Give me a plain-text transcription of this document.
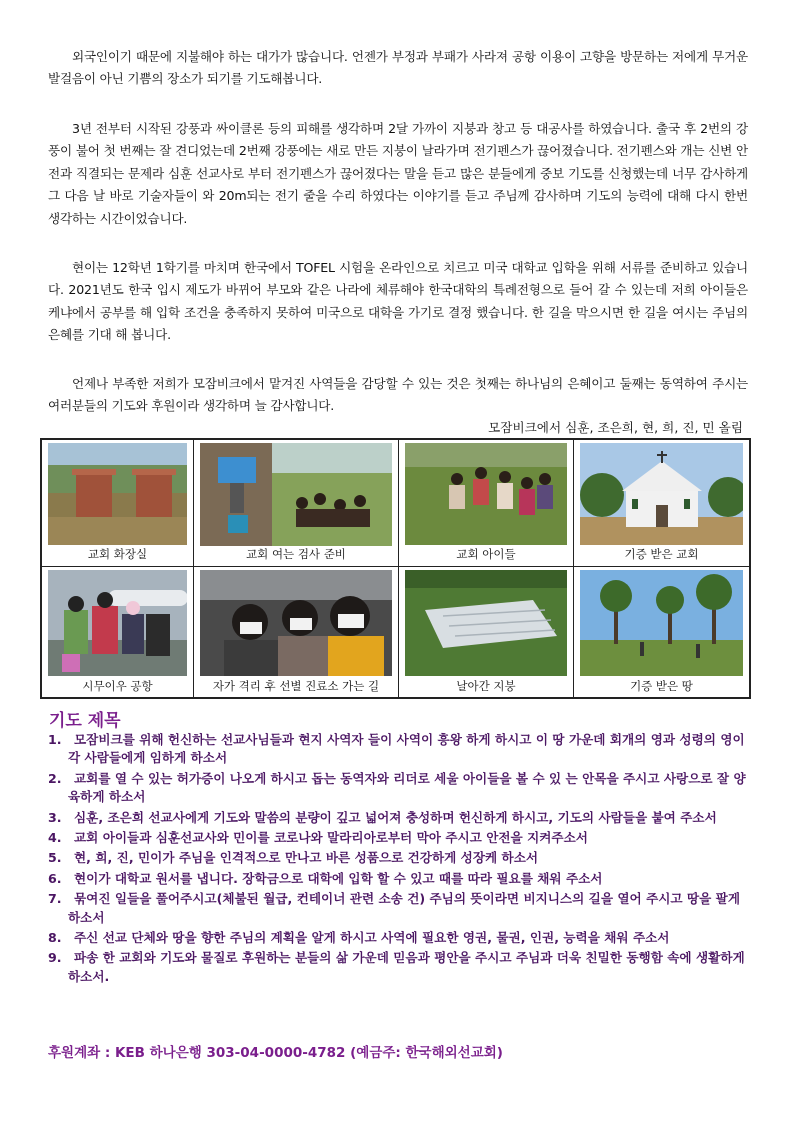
외국인이기 때문에 지불해야 하는 대가가 많습니다. 언젠가 부정과 부패가 사라져 공항 이용이 고향을 방문하는 저에게 무거운 발걸음이 아닌 기쁨의 장소가 되기를 기도해봅니다.

3년 전부터 시작된 강풍과 싸이클론 등의 피해를 생각하며 2달 가까이 지붕과 창고 등 대공사를 하였습니다. 출국 후 2번의 강풍이 불어 첫 번째는 잘 견디었는데 2번째 강풍에는 새로 만든 지붕이 날라가며 전기펜스가 끊어졌습니다. 전기펜스와 개는 신변 안전과 직결되는 문제라 심훈 선교사로 부터 전기펜스가 끊어졌다는 말을 듣고 많은 분들에게 중보 기도를 신청했는데 너무 감사하게 그 다음 날 바로 기술자들이 와 20m되는 전기 줄을 수리 하였다는 이야기를 듣고 주님께 감사하며 기도의 능력에 대해 다시 한번 생각하는 시간이었습니다.

현이는 12학년 1학기를 마치며 한국에서 TOFEL 시험을 온라인으로 치르고 미국 대학교 입학을 위해 서류를 준비하고 있습니다. 2021년도 한국 입시 제도가 바뀌어 부모와 같은 나라에 체류해야 한국대학의 특례전형으로 들어 갈 수 있는데 저희 아이들은 케냐에서 공부를 해 입학 조건을 충족하지 못하여 미국으로 대학을 가기로 결정 했습니다. 한 길을 막으시면 한 길을 여시는 주님의 은혜를 기대 해 봅니다.

언제나 부족한 저희가 모잠비크에서 맡겨진 사역들을 감당할 수 있는 것은 첫째는 하나님의 은혜이고 둘째는 동역하여 주시는 여러분들의 기도와 후원이라 생각하며 늘 감사합니다.

모잠비크에서 심훈, 조은희, 현, 희, 진, 민 올림
교회 화장실	교회 여는 검사 준비	교회 아이들	기증 받은 교회
시무이우 공항	자가 격리 후 선별 진료소 가는 길	날아간 지붕	기증 받은 땅
기도 제목
1. 모잠비크를 위해 헌신하는 선교사님들과 현지 사역자 들이 사역이 흥왕 하게 하시고 이 땅 가운데 회개의 영과 성령의 영이 각 사람들에게 임하게 하소서
2. 교회를 열 수 있는 허가증이 나오게 하시고 돕는 동역자와 리더로 세울 아이들을 볼 수 있 는 안목을 주시고 사랑으로 잘 양육하게 하소서
3. 심훈, 조은희 선교사에게 기도와 말씀의 분량이 깊고 넓어져 충성하며 헌신하게 하시고, 기도의 사람들을 붙여 주소서
4. 교회 아이들과 심훈선교사와 민이를 코로나와 말라리아로부터 막아 주시고 안전을 지켜주소서
5. 현, 희, 진, 민이가 주님을 인격적으로 만나고 바른 성품으로 건강하게 성장케 하소서
6. 현이가 대학교 원서를 냅니다. 장학금으로 대학에 입학 할 수 있고 때를 따라 필요를 채워 주소서
7. 묶여진 일들을 풀어주시고(체불된 월급, 컨테이너 관련 소송 건) 주님의 뜻이라면 비지니스의 길을 열어 주시고 땅을 팔게 하소서
8. 주신 선교 단체와 땅을 향한 주님의 계획을 알게 하시고 사역에 필요한 영권, 물권, 인권, 능력을 채워 주소서
9. 파송 한 교회와 기도와 물질로 후원하는 분들의 삶 가운데 믿음과 평안을 주시고 주님과 더욱 친밀한 동행함 속에 생활하게 하소서.
후원계좌 : KEB 하나은행 303-04-0000-4782 (예금주: 한국해외선교회)
